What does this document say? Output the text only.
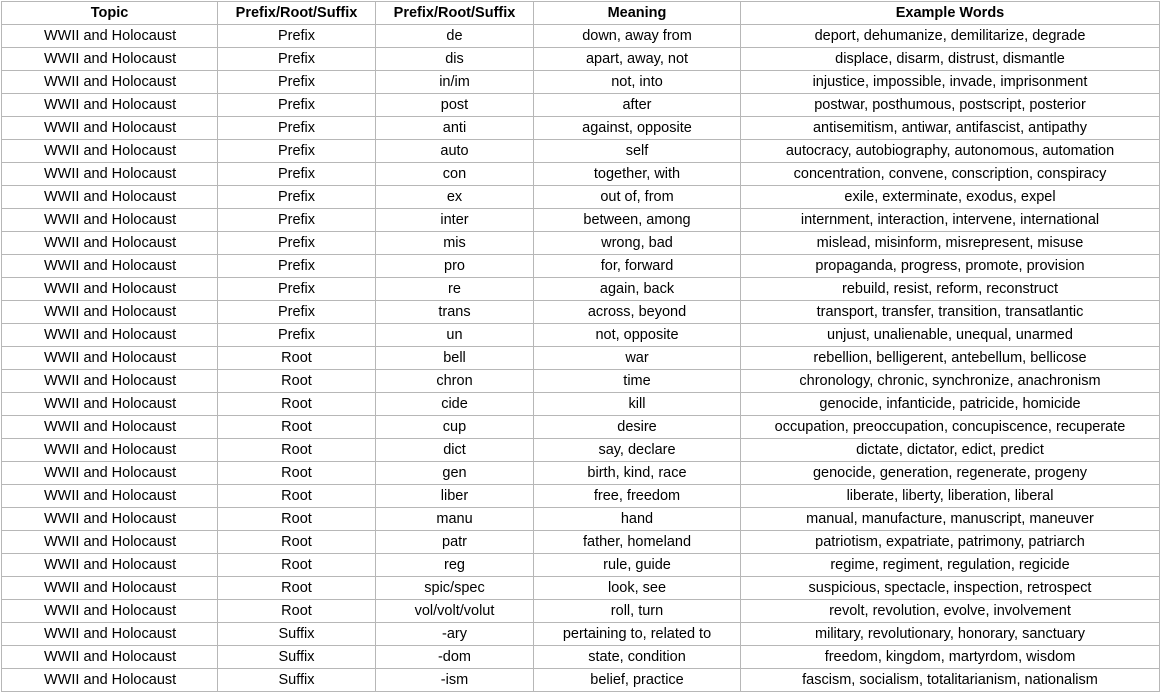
Topic	Prefix/Root/Suffix	Prefix/Root/Suffix	Meaning	Example Words
WWII and Holocaust	Prefix	de	down, away from	deport, dehumanize, demilitarize, degrade
WWII and Holocaust	Prefix	dis	apart, away, not	displace, disarm, distrust, dismantle
WWII and Holocaust	Prefix	in/im	not, into	injustice, impossible, invade, imprisonment
WWII and Holocaust	Prefix	post	after	postwar, posthumous, postscript, posterior
WWII and Holocaust	Prefix	anti	against, opposite	antisemitism, antiwar, antifascist, antipathy
WWII and Holocaust	Prefix	auto	self	autocracy, autobiography, autonomous, automation
WWII and Holocaust	Prefix	con	together, with	concentration, convene, conscription, conspiracy
WWII and Holocaust	Prefix	ex	out of, from	exile, exterminate, exodus, expel
WWII and Holocaust	Prefix	inter	between, among	internment, interaction, intervene, international
WWII and Holocaust	Prefix	mis	wrong, bad	mislead, misinform, misrepresent, misuse
WWII and Holocaust	Prefix	pro	for, forward	propaganda, progress, promote, provision
WWII and Holocaust	Prefix	re	again, back	rebuild, resist, reform, reconstruct
WWII and Holocaust	Prefix	trans	across, beyond	transport, transfer, transition, transatlantic
WWII and Holocaust	Prefix	un	not, opposite	unjust, unalienable, unequal, unarmed
WWII and Holocaust	Root	bell	war	rebellion, belligerent, antebellum, bellicose
WWII and Holocaust	Root	chron	time	chronology, chronic, synchronize, anachronism
WWII and Holocaust	Root	cide	kill	genocide, infanticide, patricide, homicide
WWII and Holocaust	Root	cup	desire	occupation, preoccupation, concupiscence, recuperate
WWII and Holocaust	Root	dict	say, declare	dictate, dictator, edict, predict
WWII and Holocaust	Root	gen	birth, kind, race	genocide, generation, regenerate, progeny
WWII and Holocaust	Root	liber	free, freedom	liberate, liberty, liberation, liberal
WWII and Holocaust	Root	manu	hand	manual, manufacture, manuscript, maneuver
WWII and Holocaust	Root	patr	father, homeland	patriotism, expatriate, patrimony, patriarch
WWII and Holocaust	Root	reg	rule, guide	regime, regiment, regulation, regicide
WWII and Holocaust	Root	spic/spec	look, see	suspicious, spectacle, inspection, retrospect
WWII and Holocaust	Root	vol/volt/volut	roll, turn	revolt, revolution, evolve, involvement
WWII and Holocaust	Suffix	-ary	pertaining to, related to	military, revolutionary, honorary, sanctuary
WWII and Holocaust	Suffix	-dom	state, condition	freedom, kingdom, martyrdom, wisdom
WWII and Holocaust	Suffix	-ism	belief, practice	fascism, socialism, totalitarianism, nationalism
